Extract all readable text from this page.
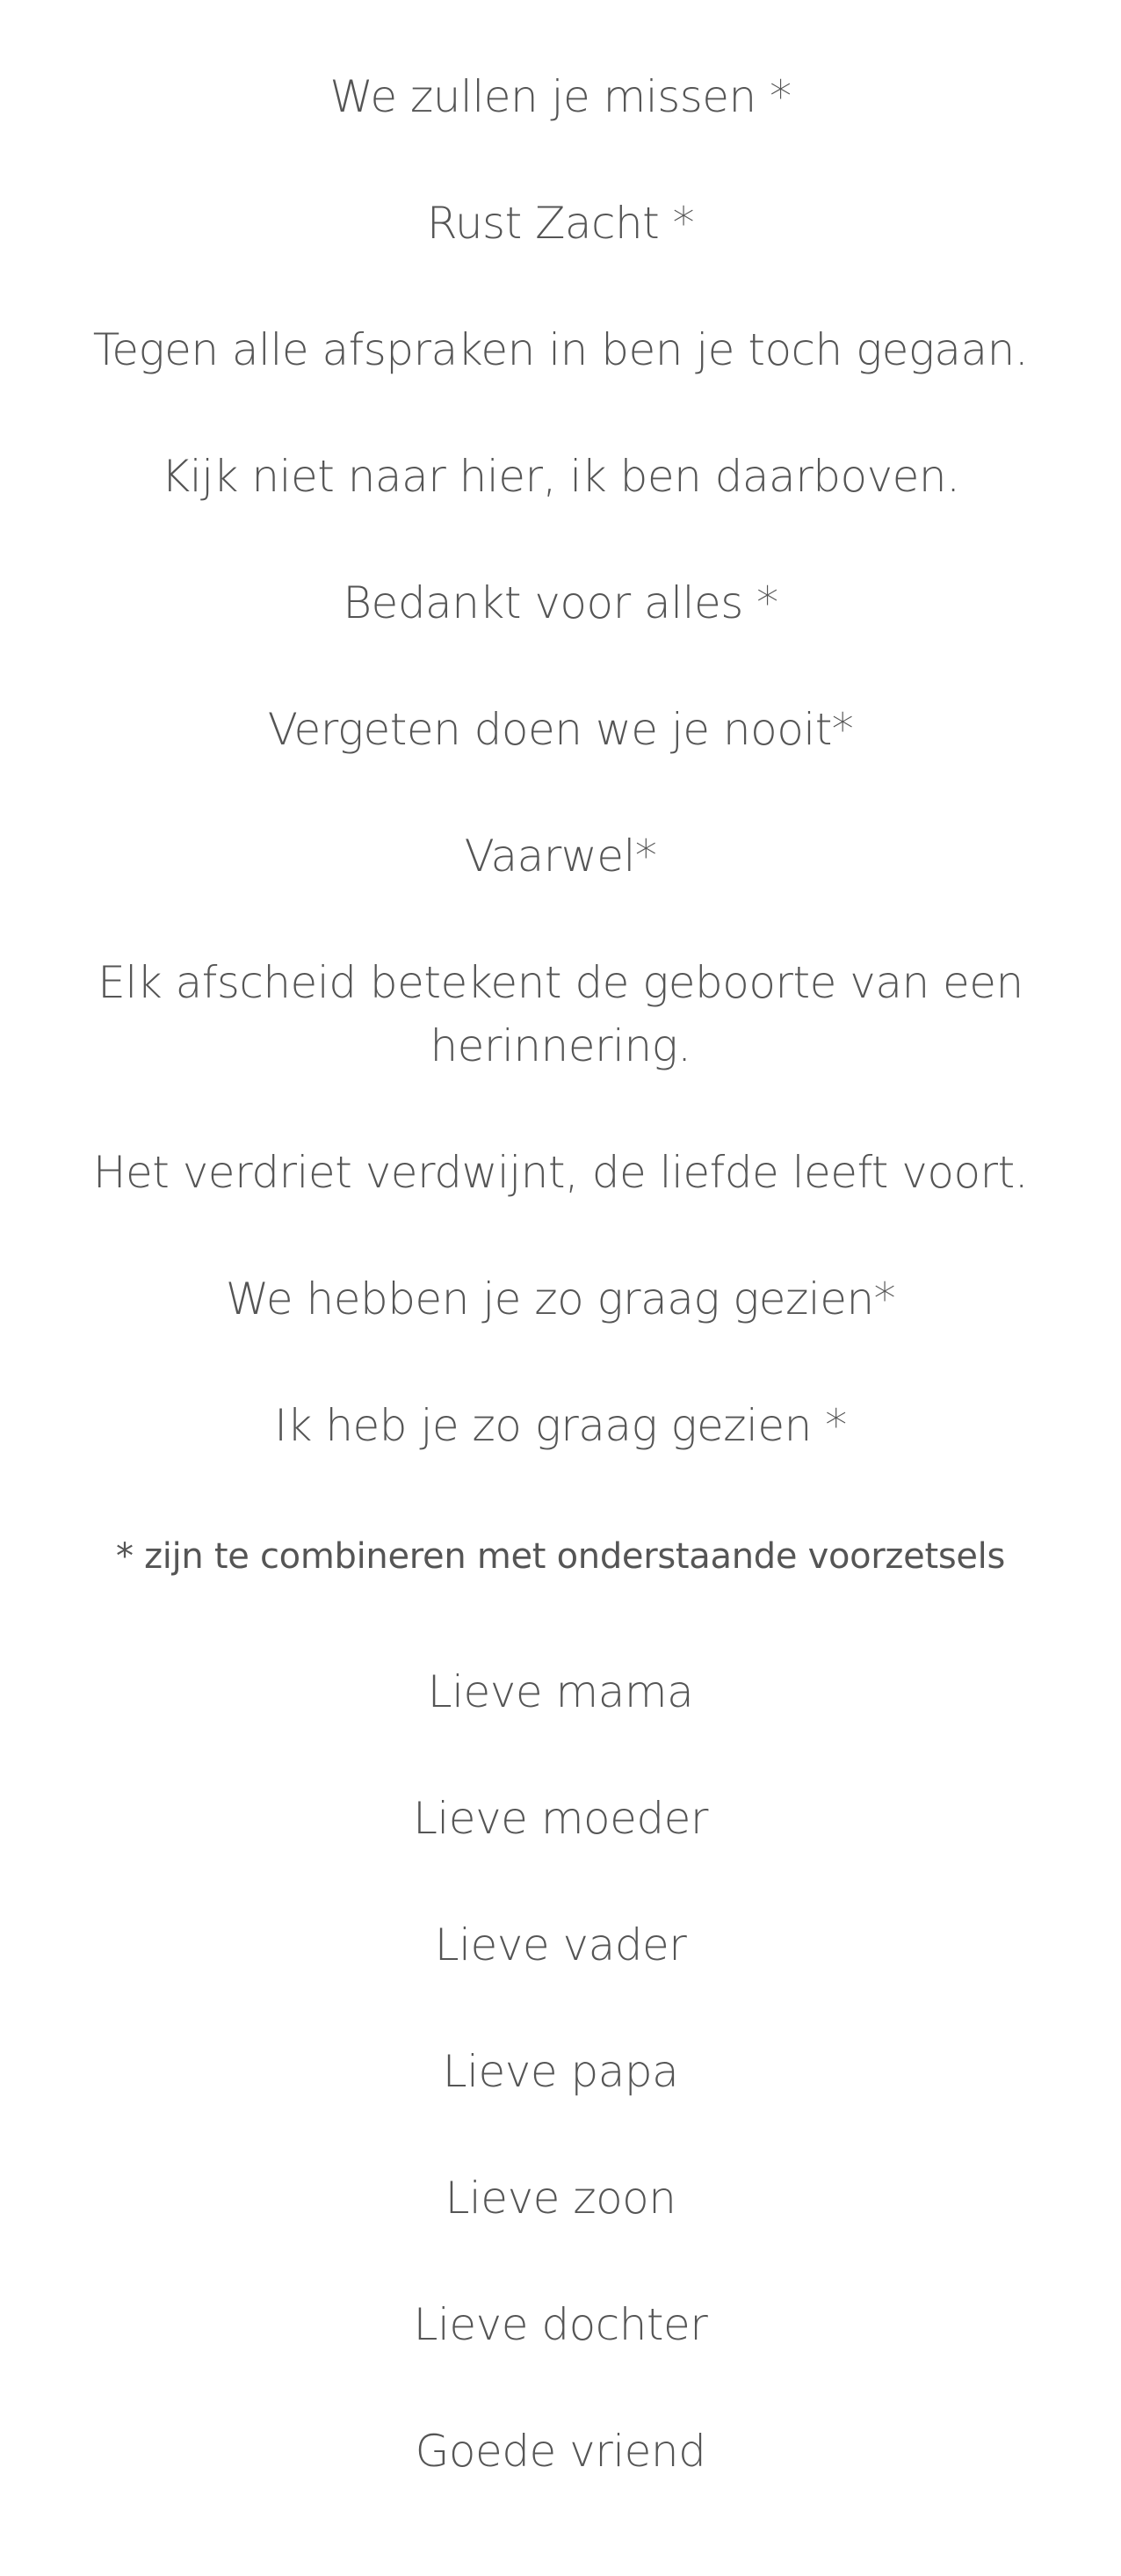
We zullen je missen *
Rust Zacht *
Tegen alle afspraken in ben je toch gegaan.
Kijk niet naar hier, ik ben daarboven.
Bedankt voor alles *
Vergeten doen we je nooit*
Vaarwel*
Elk afscheid betekent de geboorte van een
herinnering.
Het verdriet verdwijnt, de liefde leeft voort.
We hebben je zo graag gezien*
Ik heb je zo graag gezien *
* zijn te combineren met onderstaande voorzetsels
Lieve mama
Lieve moeder
Lieve vader
Lieve papa
Lieve zoon
Lieve dochter
Goede vriend
